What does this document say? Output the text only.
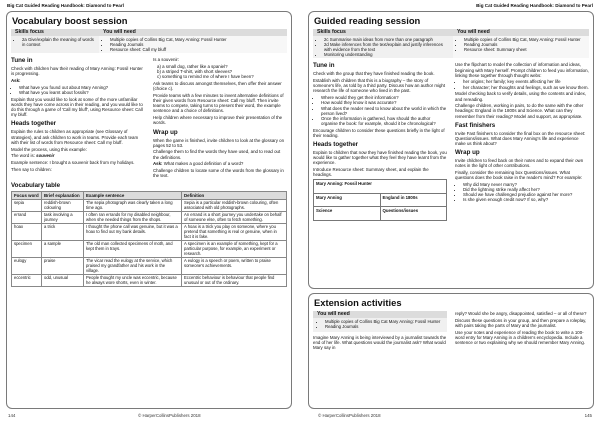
Big Cat Guided Reading Handbook: Diamond to Pearl
Vocabulary boost session
Skills focus	You will need
• 2a Give/explain the meaning of words in context
• Multiple copies of Collins Big Cat, Mary Anning: Fossil Hunter
• Reading Journals
• Resource sheet: Call my bluff
Tune in

Check with children how their reading of Mary Anning: Fossil Hunter is progressing.

Ask:

• What have you found out about Mary Anning?
• What have you learnt about fossils?

Explain that you would like to look at some of the more unfamiliar words they have come across in their reading, and you would like to do this through a game of 'Call my bluff', using Resource sheet: Call my bluff.

Heads together

Explain the rules to children as appropriate (see Glossary of strategies), and ask children to work in teams. Provide each team with their list of words from Resource sheet: Call my bluff.

Model the process, using this example:

The word is: souvenir

Example sentence: I brought a souvenir back from my holidays.

Then say to children:

Is a souvenir:

a) a small dog, rather like a spaniel?
b) a striped T-shirt, with short sleeves?
c) something to remind me of where I have been?

Ask teams to discuss amongst themselves, then offer their answer (choice c).

Provide teams with a few minutes to invent alternative definitions of their given words from Resource sheet: Call my bluff. Then invite teams to compete, taking turns to present their word, the example sentence and a choice of definitions.

Help children where necessary to improve their presentation of the words.

Wrap up

When the game is finished, invite children to look at the glossary on pages 52 to 53.

Challenge them to find the words they have used, and to read out the definitions.

Ask: What makes a good definition of a word?

Challenge children to locate some of the words from the glossary in the text.

Vocabulary table
Focus word	Brief explanation	Example sentence	Definition
sepia	reddish-brown colouring	The sepia photograph was clearly taken a long time ago.	Sepia is a particular reddish-brown colouring, often associated with old photographs.
errand	task involving a journey	I often ran errands for my disabled neighbour, when she needed things from the shops.	An errand is a short journey you undertake on behalf of someone else, often to fetch something.
hoax	a trick	I thought the phone call was genuine, but it was a hoax to find out my bank details.	A hoax is a trick you play on someone, where you pretend that something is real or genuine, when in fact it is fake.
specimen	a sample	The old man collected specimens of moth, and kept them in trays.	A specimen is an example of something, kept for a particular purpose, for example, an experiment or research.
eulogy	praise	The vicar read the eulogy at the service, which praised my grandfather and his work in the village.	A eulogy is a speech or poem, written to praise someone's achievements.
eccentric	odd, unusual	People thought my uncle was eccentric, because he always wore shorts, even in winter.	Eccentric behaviour is behaviour that people find unusual or out of the ordinary.
144	© HarperCollinsPublishers 2018
Big Cat Guided Reading Handbook: Diamond to Pearl
Guided reading session
Skills focus	You will need
• 2c Summarise main ideas from more than one paragraph
• 2d Make inferences from the text/explain and justify inferences with evidence from the text
• Monitoring understanding
• Multiple copies of Collins Big Cat, Mary Anning: Fossil Hunter
• Reading Journals
• Resource sheet: Summary sheet
Tune in

Check with the group that they have finished reading the book.

Establish with children that this is a biography – the story of someone's life, as told by a third party. Discuss how an author might research the life of someone who lived in the past.

• Where would they get their information?
• How would they know it was accurate?
• What does the reader need to know about the world in which the person lived?
• Once the information is gathered, how should the author organise the book: for example, should it be chronological?

Encourage children to consider these questions briefly in the light of their reading.

Heads together

Explain to children that now they have finished reading the book, you would like to gather together what they feel they have learnt from the experience.

Introduce Resource sheet: Summary sheet, and explain the headings.

Mary Anning: Fossil Hunter	
Mary Anning	England in 1800s
Science	Questions/issues

Use the flipchart to model the collection of information and ideas, beginning with Mary herself. Prompt children to feed you information, linking these together through thought webs:

• her origins; her family; key events affecting her life
• her character; her thoughts and feelings, such as we know them.

Model checking back to verify details, using the contents and index, and rereading.

Challenge children, working in pairs, to do the same with the other headings: England in the 1800s and Science. What can they remember from their reading? Model and support, as appropriate.

Fast finishers

Invite Fast finishers to consider the final box on the resource sheet: Questions/issues. What does Mary Anning's life and experience make us think about?

Wrap up

Invite children to feed back on their notes and to expand their own notes in the light of other contributions.

Finally, consider the remaining box Questions/issues. What questions does the book raise in the reader's mind? For example:

• Why did Mary never marry?
• Did the lightning strike really affect her?
• Should we have challenged prejudice against her more?
• Is she given enough credit now? If so, why?
Extension activities
You will need
• Multiple copies of Collins Big Cat Mary Anning: Fossil Hunter
• Reading Journals

Imagine Mary Anning is being interviewed by a journalist towards the end of her life. What questions would the journalist ask? What would Mary say in

reply? Would she be angry, disappointed, satisfied – or all of these?

Discuss these questions in your group, and then prepare a roleplay, with pairs taking the parts of Mary and the journalist.

Use your notes and experience of reading the book to write a 100-word entry for Mary Anning in a children's encyclopedia. Include a sentence or two explaining why we should remember Mary Anning.

© HarperCollinsPublishers 2018	145
